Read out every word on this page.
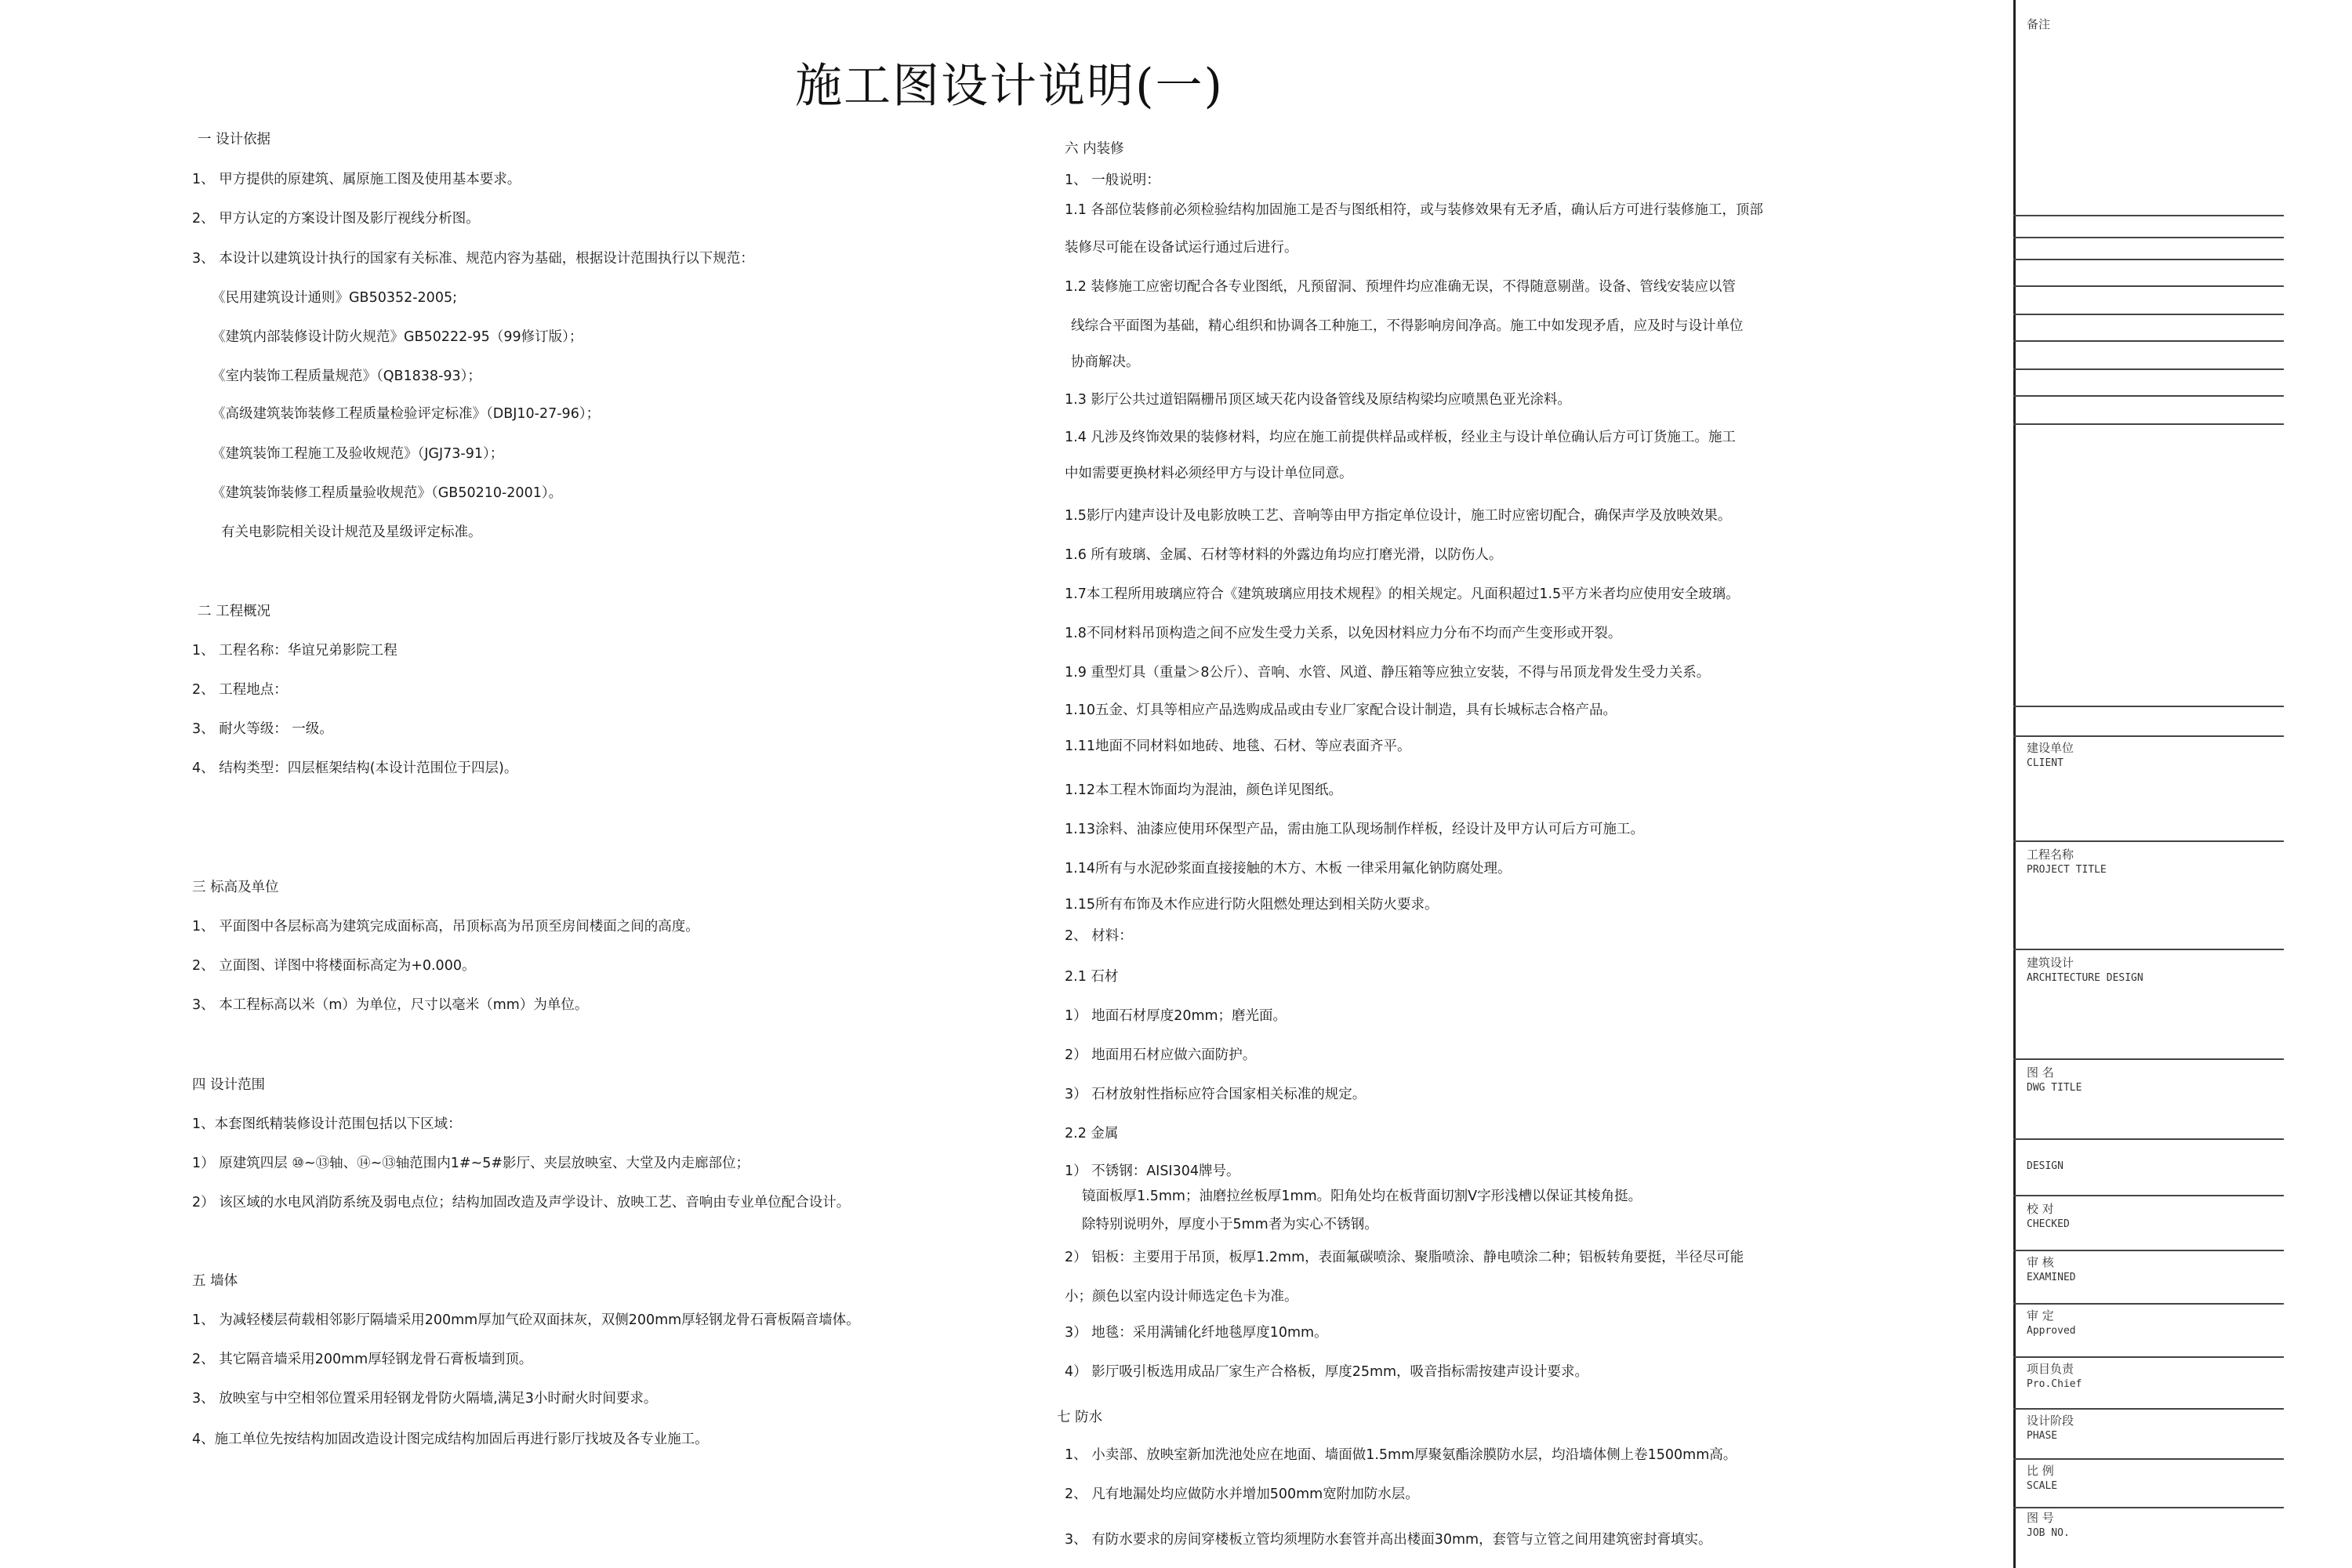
施工图设计说明(一)
一 设计依据
1、 甲方提供的原建筑、属原施工图及使用基本要求。
2、 甲方认定的方案设计图及影厅视线分析图。
3、 本设计以建筑设计执行的国家有关标准、规范内容为基础，根据设计范围执行以下规范：
《民用建筑设计通则》GB50352-2005;
《建筑内部装修设计防火规范》GB50222-95（99修订版）；
《室内装饰工程质量规范》（QB1838-93）；
《高级建筑装饰装修工程质量检验评定标准》（DBJ10-27-96）；
《建筑装饰工程施工及验收规范》（JGJ73-91）；
《建筑装饰装修工程质量验收规范》（GB50210-2001）。
有关电影院相关设计规范及星级评定标准。
二 工程概况
1、 工程名称：华谊兄弟影院工程
2、 工程地点：
3、 耐火等级： 一级。
4、 结构类型：四层框架结构(本设计范围位于四层)。
三 标高及单位
1、 平面图中各层标高为建筑完成面标高，吊顶标高为吊顶至房间楼面之间的高度。
2、 立面图、详图中将楼面标高定为+0.000。
3、 本工程标高以米（m）为单位，尺寸以毫米（mm）为单位。
四 设计范围
1、本套图纸精装修设计范围包括以下区域：
1） 原建筑四层 ⑩~⑬轴、⑭~⑬轴范围内1#~5#影厅、夹层放映室、大堂及内走廊部位；
2） 该区域的水电风消防系统及弱电点位；结构加固改造及声学设计、放映工艺、音响由专业单位配合设计。
五 墙体
1、 为减轻楼层荷载相邻影厅隔墙采用200mm厚加气砼双面抹灰，双侧200mm厚轻钢龙骨石膏板隔音墙体。
2、 其它隔音墙采用200mm厚轻钢龙骨石膏板墙到顶。
3、 放映室与中空相邻位置采用轻钢龙骨防火隔墙,满足3小时耐火时间要求。
4、施工单位先按结构加固改造设计图完成结构加固后再进行影厅找坡及各专业施工。
六 内装修
1、 一般说明：
1.1 各部位装修前必须检验结构加固施工是否与图纸相符，或与装修效果有无矛盾，确认后方可进行装修施工，顶部
装修尽可能在设备试运行通过后进行。
1.2 装修施工应密切配合各专业图纸，凡预留洞、预埋件均应准确无误，不得随意剔凿。设备、管线安装应以管
线综合平面图为基础，精心组织和协调各工种施工，不得影响房间净高。施工中如发现矛盾，应及时与设计单位
协商解决。
1.3 影厅公共过道铝隔栅吊顶区域天花内设备管线及原结构梁均应喷黑色亚光涂料。
1.4 凡涉及终饰效果的装修材料，均应在施工前提供样品或样板，经业主与设计单位确认后方可订货施工。施工
中如需要更换材料必须经甲方与设计单位同意。
1.5影厅内建声设计及电影放映工艺、音响等由甲方指定单位设计，施工时应密切配合，确保声学及放映效果。
1.6 所有玻璃、金属、石材等材料的外露边角均应打磨光滑，以防伤人。
1.7本工程所用玻璃应符合《建筑玻璃应用技术规程》的相关规定。凡面积超过1.5平方米者均应使用安全玻璃。
1.8不同材料吊顶构造之间不应发生受力关系，以免因材料应力分布不均而产生变形或开裂。
1.9 重型灯具（重量＞8公斤）、音响、水管、风道、静压箱等应独立安装，不得与吊顶龙骨发生受力关系。
1.10五金、灯具等相应产品选购成品或由专业厂家配合设计制造，具有长城标志合格产品。
1.11地面不同材料如地砖、地毯、石材、等应表面齐平。
1.12本工程木饰面均为混油，颜色详见图纸。
1.13涂料、油漆应使用环保型产品，需由施工队现场制作样板，经设计及甲方认可后方可施工。
1.14所有与水泥砂浆面直接接触的木方、木板 一律采用氟化钠防腐处理。
1.15所有布饰及木作应进行防火阻燃处理达到相关防火要求。
2、 材料：
2.1 石材
1） 地面石材厚度20mm；磨光面。
2） 地面用石材应做六面防护。
3） 石材放射性指标应符合国家相关标准的规定。
2.2 金属
1） 不锈钢：AISI304牌号。
镜面板厚1.5mm；油磨拉丝板厚1mm。阳角处均在板背面切割V字形浅槽以保证其棱角挺。
除特别说明外，厚度小于5mm者为实心不锈钢。
2） 铝板：主要用于吊顶，板厚1.2mm，表面氟碳喷涂、聚脂喷涂、静电喷涂二种；铝板转角要挺，半径尽可能
小；颜色以室内设计师选定色卡为准。
3） 地毯：采用满铺化纤地毯厚度10mm。
4） 影厅吸引板选用成品厂家生产合格板，厚度25mm，吸音指标需按建声设计要求。
七 防水
1、 小卖部、放映室新加洗池处应在地面、墙面做1.5mm厚聚氨酯涂膜防水层，均沿墙体侧上卷1500mm高。
2、 凡有地漏处均应做防水并增加500mm宽附加防水层。
3、 有防水要求的房间穿楼板立管均须埋防水套管并高出楼面30mm，套管与立管之间用建筑密封膏填实。
备注
建设单位
CLIENT
工程名称
PROJECT TITLE
建筑设计
ARCHITECTURE DESIGN
图 名
DWG TITLE
DESIGN
校 对
CHECKED
审 核
EXAMINED
审 定
Approved
项目负责
Pro.Chief
设计阶段
PHASE
比 例
SCALE
图 号
JOB NO.
